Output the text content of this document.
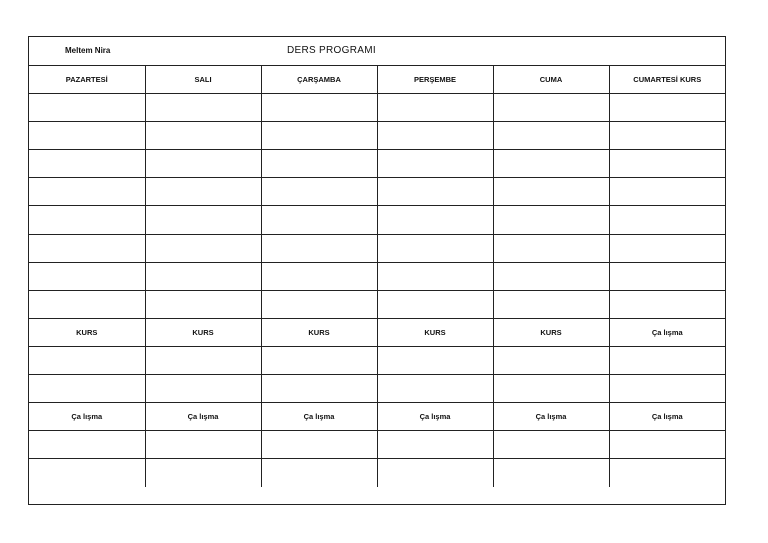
Meltem Nira	DERS PROGRAMI
PAZARTESİ	SALI	ÇARŞAMBA	PERŞEMBE	CUMA	CUMARTESİ KURS

KURS	KURS	KURS	KURS	KURS	Ça lışma

Ça lışma	Ça lışma	Ça lışma	Ça lışma	Ça lışma	Ça lışma
